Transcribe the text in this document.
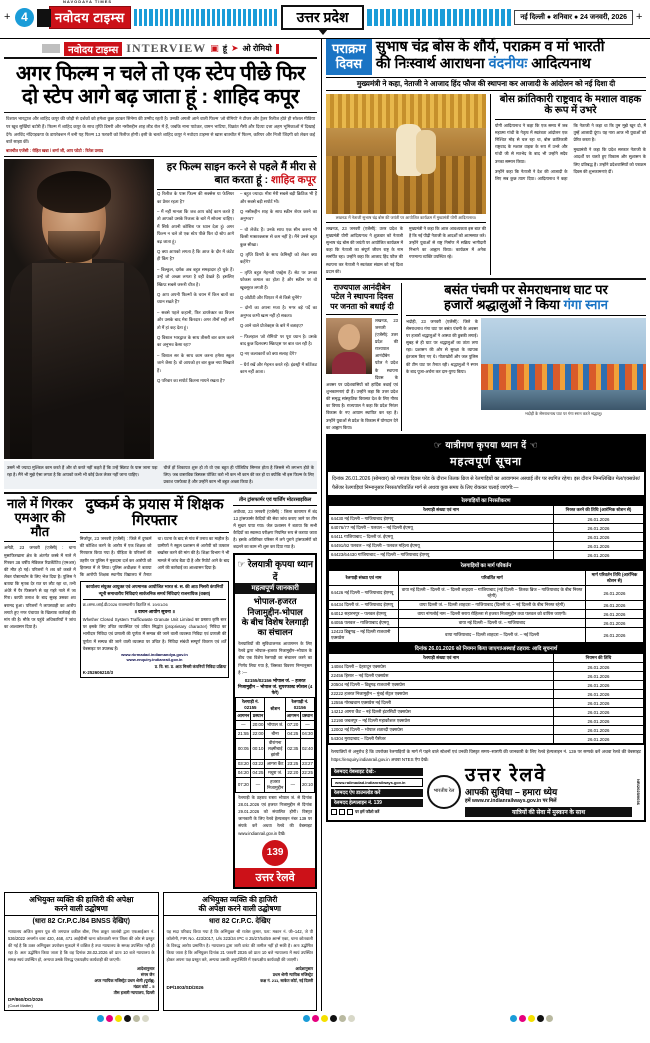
+ 4
NAVODAYA TIMES
नवोदय टाइम्स	उत्तर प्रदेश	नई दिल्ली ● शनिवार ● 24 जनवरी, 2026 +
नवोदय टाइम्स INTERVIEW ▣ हूं ➤ ओ रोमियो
अगर फिल्म न चले तो एक स्टेप पीछे फिर दो स्टेप आगे बढ़ जाता हूं : शाहिद कपूर
विशाल भारद्वाज और शाहिद कपूर की जोड़ी से दर्शकों को हमेशा कुछ हटकर सिनेमा की उम्मीद रहती है। उनकी अगली आने वाली फिल्म 'ओ रोमियो' ने टीजर और ट्रेलर रिलीज होते ही सोशल मीडिया पर खूब सुर्खियां बटोरी हैं। फिल्म में शाहिद कपूर के साथ तृप्ति डिमरी और नसीरुद्दीन शाह लीड रोल में हैं, जबकि नाना पाटेकर, वामन भाटिया, विक्रांत मैसी और दिव्या दत्ता अहम भूमिकाओं में दिखाई देंगे। अरविंद नंदियड़कपा के डायरेक्शन में बनी यह फिल्म 13 फरवरी को रिलीज होगी। इसी के चलते शाहिद कपूर ने नवोदय टाइम्स से खास बातचीत में फिल्म, करियर और निजी जिंदगी को लेकर कई बातें साझा कीं।
बातचीत एजेंसी : रोहित खन्ना / शर्मा जी, आप फोटो : रितेश प्रसाद
हर फिल्म साइन करने से पहले मैं मीरा से बात करता हूं : शाहिद कपूर

Q रिलीज के पास फिल्म की सक्सेस या फेलियर का प्रेशर रहता है?

– मैं नहीं मानता कि जब आप कोई काम करते हैं तो आपको उसके रिजल्ट के बारे में सोचना चाहिए। मैं सिर्फ अपनी कोशिश पर ध्यान देता हूं। अगर फिल्म न चले तो एक स्टेप पीछे फिर दो स्टेप आगे बढ़ जाता हूं।

Q क्या आपको लगता है कि आज के दौर में कंटेंट ही किंग है?

– बिल्कुल, दर्शक अब बहुत समझदार हो चुके हैं। उन्हें जो अच्छा लगता है वही देखते हैं। इसलिए स्क्रिप्ट सबसे जरूरी चीज है।

Q आप अपनी फिल्मों के चयन में किन बातों का ध्यान रखते हैं?

– सबसे पहले कहानी, फिर डायरेक्टर का विजन और उसके बाद मेरा किरदार। अगर तीनों सही लगें तो मैं हां कह देता हूं।

Q विशाल भारद्वाज के साथ तीसरी बार काम करने का अनुभव कैसा रहा?

– विशाल सर के साथ काम करना हमेशा स्कूल जाने जैसा है। वो आपको हर बार कुछ नया सिखाते हैं।

Q परिवार का सपोर्ट कितना मायने रखता है?

– बहुत ज्यादा। मीरा मेरी सबसे बड़ी क्रिटिक भी हैं और सबसे बड़ी सपोर्ट भी।

Q नसीरुद्दीन शाह के साथ स्क्रीन शेयर करने का अनुभव?

– वो लेजेंड हैं। उनके साथ एक सीन करना भी किसी मास्टरक्लास से कम नहीं है। मैंने उनसे बहुत कुछ सीखा।

Q तृप्ति डिमरी के साथ केमिस्ट्री को लेकर क्या कहेंगे?

– तृप्ति बहुत मेहनती एक्ट्रेस हैं। सेट पर उनका फोकस कमाल का होता है और स्क्रीन पर वो खूबसूरत लगती हैं।

Q ओटीटी और थिएटर में से किसे चुनेंगे?

– दोनों का अपना मजा है। मगर बड़े पर्दे का अनुभव कभी खत्म नहीं हो सकता।

Q आने वाले प्रोजेक्ट्स के बारे में बताइए?

– फिलहाल 'ओ रोमियो' पर पूरा ध्यान है। उसके बाद कुछ दिलचस्प स्क्रिप्ट्स पर बात चल रही है।

Q नए कलाकारों को क्या सलाह देंगे?

– धैर्य रखें और मेहनत करते रहें। इंडस्ट्री में शॉर्टकट काम नहीं आता।

उसमें भी ज्यादा मुश्किल काम करते हैं और वो करते नहीं कहते हैं कि उन्हें स्क्रिप्ट के पास जाना पड़ा रहा है। मैंने भी मुझे ऐसा लगता है कि आपको कभी भी कोई प्रेशर लेकर नहीं जाना चाहिए।
चीजें हों शिकायत शुरू हो तो वो एक बहुत ही पॉजिटिव सिग्नल होता है जिससे भी लगभग होते के लिए। जब वास्तविक डिस्कस पॉजिट करो भी कम भी काम की कर हो या क्योंकि भी इस फिल्म के लिए प्रकाश पारफेक्ट है और उन्होंने काम भी बहुत अच्छा किया है।
नाले में गिरकर एमआर की मौत
अमेठी, 23 जनवरी (एजेंसी) : थाना मुसाफिरखाना क्षेत्र के अंतर्गत कस्बे में नाले में गिरकर 38 वर्षीय मेडिकल रिप्रजेंटेटिव (एमआर) की मौत हो गई। परिजनों ने शव को कब्जे में लेकर पोस्टमार्टम के लिए भेज दिया है। पुलिस ने बताया कि मृतक देर रात घर लौट रहा था, तभी अंधेरे में पैर फिसलने से वह गहरे नाले में जा गिरा। काफी तलाश के बाद सुबह उसका शव बरामद हुआ। परिजनों ने लापरवाही का आरोप लगाते हुए नगर पंचायत के खिलाफ कार्रवाई की मांग की है। मौके पर पहुंचे अधिकारियों ने जांच का आश्वासन दिया है।
दुष्कर्म के प्रयास में शिक्षक गिरफ्तार
मिर्जापुर, 23 जनवरी (एजेंसी) : जिले में दुष्कर्म की कोशिश करने के आरोप में एक शिक्षक को गिरफ्तार किया गया है। पीड़िता के परिजनों की तहरीर पर पुलिस ने मुकदमा दर्ज कर आरोपी को हिरासत में ले लिया। पुलिस अधीक्षक ने बताया कि आरोपी शिक्षक स्थानीय विद्यालय में तैनात था। घटना के बाद से गांव में तनाव का माहौल है। ग्रामीणों ने स्कूल प्रशासन से आरोपी को तत्काल बर्खास्त करने की मांग की है। शिक्षा विभाग ने भी मामले में जांच बैठा दी है और रिपोर्ट आने के बाद आगे की कार्रवाई का आश्वासन दिया है।
कार्यालय संयुक्त आयुक्त एवं अपमानक आयोजित भारत सं. स. की आठ मिसरी कंपनियों न्यूनी समाचारीय निविदाएं सार्वजनिक समर्थ निविदाएं राजनायिक (वक्ता)
क्र./अम्ब./आई.डी/2026 राजस्थानीय विज्ञप्ति सं. 19/01/26
॥ वाचन आयोग सूचना ॥
Whether Closed System Trafficwaste Granute Unit Limited का प्रस्ताव कृषि स्तर पर इसके लिए उचित व्यवस्थित एवं उचित सिद्धांत (proprietary character) निविदा का भागीदार निविदा एवं प्रणाली की पूर्णता में सम्पन्न की जाने वाली व्यवस्था निविदा एवं प्रणाली की पूर्णता में सम्पन्न की जाने वाली व्यवस्था पर उचित है। निविदा संबंधी सम्पूर्ण विवरण एवं शर्तें वेबसाइट पर उपलब्ध हैं।
www.rkrmadad.indiamandya.gov.in
www.enquiry.indianrail.gov.in
प्र. वि. सा. प्र. आठ मिसरी कंपनियों निविदा प्रक्रिया
K-252606210/3
तीन ट्रांसफार्मर एवं चार्जिंग मोटरसाइकिल
अयोध्या, 23 जनवरी (एजेंसी) : जिला कारागार में बंद 13 ट्रांसफार्मर कैदियों की सेवा जांच कराए जाने पर तीन में सुधार पाया गया। जेल प्रशासन ने बताया कि सभी कैदियों का स्वास्थ्य परीक्षण नियमित रूप से कराया जाता है। इसके अतिरिक्त परिसर में लगे पुराने ट्रांसफार्मरों को बदलने का काम भी शुरू कर दिया गया है।
☞ रेलयात्री कृपया ध्यान दें
महत्वपूर्ण जानकारी
भोपाल-हजरत निजामुद्दीन-भोपाल
के बीच विशेष रेलगाड़ी का संचालन
रेलयात्रियों की सुविधाजनक आवागमन के लिए रेलवे द्वारा भोपाल–हजरत निजामुद्दीन–भोपाल के बीच एक विशेष रेलगाड़ी का संचालन करने का निर्णय लिया गया है, जिसका विवरण निम्नानुसार है :—
02155/02156 भोपाल जं. – हजरत निजामुद्दीन – भोपाल जं. सुपरफास्ट स्पेशल (4 फेरे)
रेलगाड़ी नं. 02155		स्टेशन	रेलगाड़ी नं. 02156	
आगमन	प्रस्थान		आगमन	प्रस्थान
—	20:00	भोपाल जं.	07:20	—
21:55	22:00	बीना	04:25	04:30
00:05	00:10	वीरांगना लक्ष्मीबाई झांसी	02:35	02:40
03:20	03:22	आगरा कैंट	23:25	23:27
04:20	04:25	मथुरा जं.	22:20	22:25
07:20	—	हजरत निजामुद्दीन	—	20:10
रेलगाड़ी के ठहराव रास्ता भोपाल जं. से दिनांक 28.01.2026 एवं हजरत निजामुद्दीन से दिनांक 29.01.2026 को संचालित होगी। विस्तृत जानकारी के लिए रेलवे हेल्पलाइन नंबर 139 पर संपर्क करें अथवा रेलवे की वेबसाइट www.indianrail.gov.in देखें।
139
उत्तर रेलवे
अभियुक्त व्यक्ति की हाजिरी की अपेक्षा
करने वाली उद्घोषणा
(धारा 82 Cr.P.C./84 BNSS देखिए)
न्यायालय अजित कुमार पुत्र श्री जगपाल वकील बीरू, मिश्र ठाकुर जालंधी द्वारा एफआईआर नं. 536/2022 अन्तर्गत धारा 420, 468, 471 आईपीसी थाना कोतवाली नगर जिला की ओर से प्रस्तुत की गई है कि उक्त अभियुक्त उपरोक्त मुकदमे में वांछित है तथा न्यायालय के समक्ष उपस्थित नहीं हो रहा है। अतः उद्घोषित किया जाता है कि वह दिनांक 28.02.2026 को प्रातः 10 बजे न्यायालय के समक्ष स्वयं उपस्थित हो, अन्यथा उसके विरुद्ध एकपक्षीय कार्यवाही की जाएगी।
आदेशानुसार
संगम जैन
अपर न्यायिक मजिस्ट्रेट प्रथम श्रेणी (पूर्वाह्न)
मंडल कोर्ट – 5
तीस हजारी न्यायालय, दिल्ली
DP/860/DO/2026
(Court Matter)
अभियुक्त व्यक्ति की हाजिरी
की अपेक्षा करने वाली उद्घोषणा
धारा 82 Cr.P.C. देखिए
यह सदा परिवाद किया गया है कि अभियुक्त श्री राजेश कुमार, पता: मकान नं. जी–142, जे पी कॉलोनी, FIR No. 423/2017, U/s 323/34 IPC व 25/27/54/59 आर्म्स एक्ट, थाना कोतवाली के विरुद्ध आरोप प्रमाणित है। न्यायालय द्वारा जारी वारंट की तामील नहीं हो सकी है। अतः उद्घोषित किया जाता है कि अभियुक्त दिनांक 21 फरवरी 2026 को प्रातः 10 बजे न्यायालय में स्वयं उपस्थित होकर अपना पक्ष प्रस्तुत करे, अन्यथा उसकी अनुपस्थिति में एकपक्षीय कार्यवाही की जाएगी।
आदेशानुसार
प्रथम श्रेणी न्यायिक मजिस्ट्रेट
कक्ष नं. 211, साकेत कोर्ट, नई दिल्ली
DP/1003/SD/2026
पराक्रम
दिवस
सुभाष चंद्र बोस के शौर्य, पराक्रम व मां भारती
की निःस्वार्थ आराधना वंदनीयः आदित्यनाथ
मुख्यमंत्री ने कहा, नेताजी ने आजाद हिंद फौज की स्थापना कर आजादी के आंदोलन को नई दिशा दी
लखनऊ में नेताजी सुभाष चंद्र बोस की जयंती पर आयोजित कार्यक्रम में मुख्यमंत्री योगी आदित्यनाथ।

लखनऊ, 23 जनवरी (एजेंसी): उत्तर प्रदेश के मुख्यमंत्री योगी आदित्यनाथ ने शुक्रवार को नेताजी सुभाष चंद्र बोस की जयंती पर आयोजित कार्यक्रम में कहा कि नेताजी का संपूर्ण जीवन राष्ट्र के नाम समर्पित रहा। उन्होंने कहा कि आजाद हिंद फौज की स्थापना कर नेताजी ने स्वतंत्रता संग्राम को नई दिशा प्रदान की।

मुख्यमंत्री ने कहा कि आज आवश्यकता इस बात की है कि नई पीढ़ी नेताजी के आदर्शों को आत्मसात करे। उन्होंने युवाओं से राष्ट्र निर्माण में सक्रिय भागीदारी निभाने का आह्वान किया। कार्यक्रम में अनेक गणमान्य व्यक्ति उपस्थित रहे।

बोस क्रांतिकारी राष्ट्रवाद के मशाल वाहक के रूप में उभरे

योगी आदित्यनाथ ने कहा कि एक समय में जब महात्मा गांधी के नेतृत्व में स्वतंत्रता आंदोलन एक निश्चित मोड़ से चल रहा था, बोस क्रांतिकारी राष्ट्रवाद के मशाल वाहक के रूप में उभरे और गांधी जी से मतभेद के बाद भी उन्होंने सदैव उनका सम्मान किया।

उन्होंने कहा कि नेताजी ने देश की आजादी के लिए सब कुछ त्याग दिया। आदित्यनाथ ने कहा कि नेताजी ने कहा था कि तुम मुझे खून दो, मैं तुम्हें आजादी दूंगा। यह नारा आज भी युवाओं को प्रेरित करता है।

मुख्यमंत्री ने कहा कि प्रदेश सरकार नेताजी के आदर्शों पर चलते हुए विकास और सुशासन के लिए प्रतिबद्ध है। उन्होंने प्रदेशवासियों को पराक्रम दिवस की शुभकामनाएं दीं।

राज्यपाल आनंदीबेन पटेल ने स्थापना दिवस पर जनता को बधाई दी
लखनऊ, 23 जनवरी (एजेंसी): उत्तर प्रदेश की राज्यपाल आनंदीबेन पटेल ने प्रदेश के स्थापना दिवस के अवसर पर प्रदेशवासियों को हार्दिक बधाई एवं शुभकामनाएं दी हैं। उन्होंने कहा कि उत्तर प्रदेश की समृद्ध सांस्कृतिक विरासत देश के लिए गौरव का विषय है। राज्यपाल ने कहा कि प्रदेश निरंतर विकास के नए आयाम स्थापित कर रहा है। उन्होंने युवाओं से प्रदेश के विकास में योगदान देने का आह्वान किया।
बसंत पंचमी पर सेमराधनाथ घाट पर
हजारों श्रद्धालुओं ने किया गंगा स्नान
भदोही, 23 जनवरी (एजेंसी): जिले के सेमराधनाथ गंगा घाट पर बसंत पंचमी के अवसर पर हजारों श्रद्धालुओं ने आस्था की डुबकी लगाई। सुबह से ही घाट पर श्रद्धालुओं का तांता लगा रहा। प्रशासन की ओर से सुरक्षा के व्यापक इंतजाम किए गए थे। गोताखोरों और जल पुलिस की टीम घाट पर तैनात रही। श्रद्धालुओं ने स्नान के बाद पूजा-अर्चना कर दान-पुण्य किया।
भदोही के सेमराधनाथ घाट पर गंगा स्नान करते श्रद्धालु।
☞ यात्रीगण कृपया ध्यान दें ☜
महत्वपूर्ण सूचना
दिनांक 26.01.2026 (सोमवार) को गणतंत्र दिवस परेड के दौरान तिलक ब्रिज से रेलगाड़ियों का आवागमन अस्थाई तौर पर स्थगित रहेगा। इस दौरान निम्नलिखित मेल/एक्सप्रेस/पैसेंजर रेलगाड़ियां निम्नानुसार निरस्त/परिवर्तित मार्ग से अथवा कुछ समय के लिए रोककर चलाई जाएंगी:—
रेलगाड़ियों का निरस्तीकरण
रेलगाड़ी संख्या एवं नाम	निरस्त करने की तिथि (आरंभिक स्टेशन से)
64430 नई दिल्ली – गाजियाबाद ईएमयू	26.01.2026
64076/77 नई दिल्ली – पलवल – नई दिल्ली ईएमयू	26.01.2026
64411 गाजियाबाद – दिल्ली जं. ईएमयू	26.01.2026
64491/92 पलवल – नई दिल्ली – पलवल महिला ईएमयू	26.01.2026
64423/64430 गाजियाबाद – नई दिल्ली – गाजियाबाद ईएमयू	26.01.2026
रेलगाड़ियों का मार्ग परिवर्तन
रेलगाड़ी संख्या एवं नाम	परिवर्तित मार्ग	मार्ग परिवर्तन तिथि (आरंभिक स्टेशन से)
64426 नई दिल्ली – गाजियाबाद ईएमयू	वाया नई दिल्ली – दिल्ली जं. – दिल्ली शाहदरा – गाजियाबाद (नई दिल्ली – तिलक ब्रिज – गाजियाबाद के बीच निरस्त रहेगी)	26.01.2026
64434 दिल्ली जं. – गाजियाबाद ईएमयू	वाया दिल्ली जं. – दिल्ली शाहदरा – गाजियाबाद (दिल्ली जं. – नई दिल्ली के बीच निरस्त रहेगी)	26.01.2026
64012 सहारनपुर – पलवल ईएमयू	वाया नांगलोई नाम – दिल्ली सराय रोहिल्ला से हजरत निजामुद्दीन तथा पलवल को वापिस जाएगी।	26.01.2026
64055 पलवल – गाजियाबाद ईएमयू	वाया नई दिल्ली – दिल्ली जं. – गाजियाबाद	26.01.2026
12423 डिब्रूगढ़ – नई दिल्ली राजधानी एक्सप्रेस	वाया गाजियाबाद – दिल्ली शाहदरा – दिल्ली जं. – नई दिल्ली	26.01.2026
दिनांक 26.01.2026 को नियमन किया जाएगा/अस्थाई ठहराव: आदि सूचनार्थ
रेलगाड़ी संख्या एवं नाम	नियमन की तिथि
14084 दिल्ली – देहरादून एक्सप्रेस	26.01.2026
22456 हिसार – नई दिल्ली एक्सप्रेस	26.01.2026
20504 नई दिल्ली – डिब्रूगढ़ राजधानी एक्सप्रेस	26.01.2026
22222 हजरत निजामुद्दीन – मुंबई सेंट्रल एक्सप्रेस	26.01.2026
12556 गोरखधाम एक्सप्रेस नई दिल्ली	26.01.2026
14212 आगरा कैंट – नई दिल्ली इंटरसिटी एक्सप्रेस	26.01.2026
12190 जबलपुर – नई दिल्ली महाकौशल एक्सप्रेस	26.01.2026
12002 नई दिल्ली – भोपाल शताब्दी एक्सप्रेस	26.01.2026
54304 मुरादाबाद – दिल्ली पैसेंजर	26.01.2026
रेलयात्रियों से अनुरोध है कि उपरोक्त रेलगाड़ियों के मार्ग में पड़ने वाले स्टेशनों एवं उनकी विस्तृत समय–सारणी की जानकारी के लिए रेलवे हेल्पलाइन नं. 139 पर सम्पर्क करें अथवा रेलवे की वेबसाइट https://enquiry.indianrail.gov.in अथवा NTES ऐप देखें।
रेलमदद वेबसाइट देखें:-
www.railmadad.indianrailways.gov.in
रेलमदद ऐप डाउनलोड करें
रेलमदद हेल्पलाइन नं. 139
पर हमें फॉलो करें
भारतीय रेल
उत्तर रेलवे
आपकी सुविधा – हमारा ध्येय
हमें www.nr.indianrailways.gov.in पर मिलें
यात्रियों की सेवा में मुस्कान के साथ
NR/2025/0036
